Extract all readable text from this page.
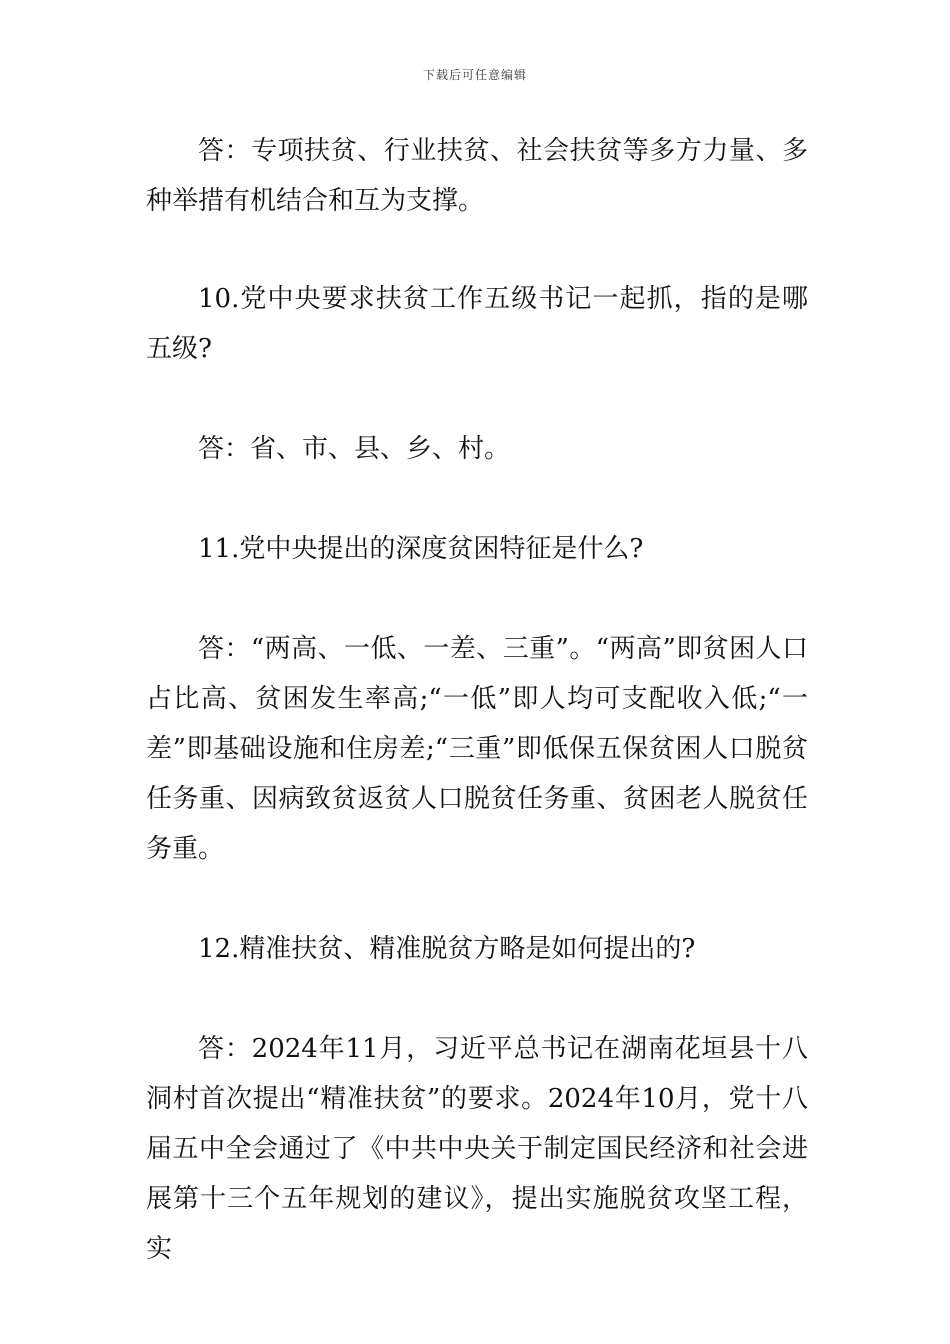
下载后可任意编辑

答：专项扶贫、行业扶贫、社会扶贫等多方力量、多种举措有机结合和互为支撑。

10.党中央要求扶贫工作五级书记一起抓，指的是哪五级?

答：省、市、县、乡、村。

11.党中央提出的深度贫困特征是什么?

答：“两高、一低、一差、三重”。“两高”即贫困人口占比高、贫困发生率高;“一低”即人均可支配收入低;“一差”即基础设施和住房差;“三重”即低保五保贫困人口脱贫任务重、因病致贫返贫人口脱贫任务重、贫困老人脱贫任务重。

12.精准扶贫、精准脱贫方略是如何提出的?

答：2024年11月，习近平总书记在湖南花垣县十八洞村首次提出“精准扶贫”的要求。2024年10月，党十八届五中全会通过了《中共中央关于制定国民经济和社会进展第十三个五年规划的建议》，提出实施脱贫攻坚工程，实
